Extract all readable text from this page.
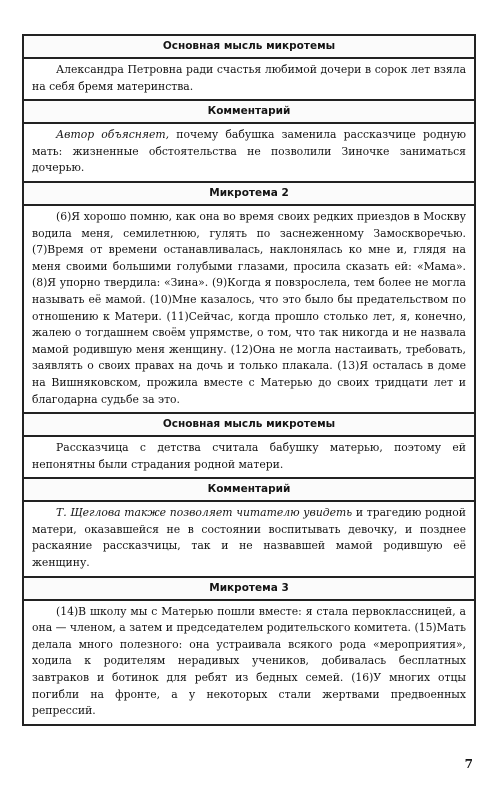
Основная мысль микротемы

Александра Петровна ради счастья любимой дочери в сорок лет взяла на себя бремя материнства.

Комментарий

Автор объясняет, почему бабушка заменила рассказчице родную мать: жизненные обстоятельства не позволили Зиночке заниматься дочерью.

Микротема 2

(6)Я хорошо помню, как она во время своих редких приездов в Москву водила меня, семилетнюю, гулять по заснеженному Замоскворечью. (7)Время от времени останавливалась, наклонялась ко мне и, глядя на меня своими большими голубыми глазами, просила сказать ей: «Мама». (8)Я упорно твердила: «Зина». (9)Когда я повзрослела, тем более не могла называть её мамой. (10)Мне казалось, что это было бы предательством по отношению к Матери. (11)Сейчас, когда прошло столько лет, я, конечно, жалею о тогдашнем своём упрямстве, о том, что так никогда и не назвала мамой родившую меня женщину. (12)Она не могла настаивать, требовать, заявлять о своих правах на дочь и только плакала. (13)Я осталась в доме на Вишняковском, прожила вместе с Матерью до своих тридцати лет и благодарна судьбе за это.

Основная мысль микротемы

Рассказчица с детства считала бабушку матерью, поэтому ей непонятны были страдания родной матери.

Комментарий

Т. Щеглова также позволяет читателю увидеть и трагедию родной матери, оказавшейся не в состоянии воспитывать девочку, и позднее раскаяние рассказчицы, так и не назвавшей мамой родившую её женщину.

Микротема 3

(14)В школу мы с Матерью пошли вместе: я стала первоклассницей, а она — членом, а затем и председателем родительского комитета. (15)Мать делала много полезного: она устраивала всякого рода «мероприятия», ходила к родителям нерадивых учеников, добивалась бесплатных завтраков и ботинок для ребят из бедных семей. (16)У многих отцы погибли на фронте, а у некоторых стали жертвами предвоенных репрессий.

7
